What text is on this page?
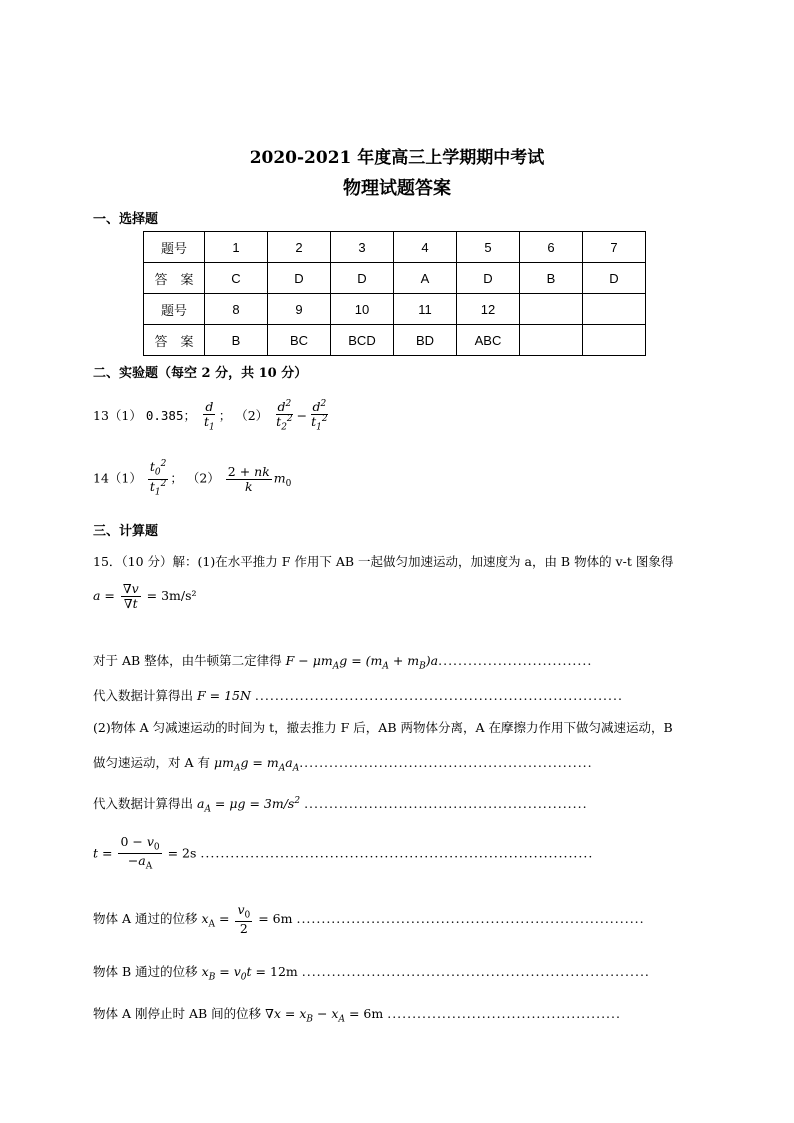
2020-2021 年度高三上学期期中考试
物理试题答案
一、选择题
题号	1	2	3	4	5	6	7
答　案	C	D	D	A	D	B	D
题号	8	9	10	11	12		
答　案	B	BC	BCD	BD	ABC		
二、实验题（每空 2 分，共 10 分）
13（1） 0.385； $\frac{d}{t_1}$ ； $(2) \frac{d^2}{t_2^2} - \frac{d^2}{t_1^2}$
$14(1) \frac{t_0^2}{t_1^2}$ ； $(2) \frac{2 + nk}{k} m_0$
三、计算题
15．（10 分）解：(1)在水平推力 F 作用下 AB 一起做匀加速运动，加速度为 a，由 B 物体的 v-t 图象得
$a = \frac{\nabla v}{\nabla t} = 3m/s^2$
对于 AB 整体，由牛顿第二定律得 $F - \mu m_Ag = (m_A + m_B)a$...............................
代入数据计算得出 F = 15N ..........................................................................
(2)物体 A 匀减速运动的时间为 t，撤去推力 F 后，AB 两物体分离，A 在摩擦力作用下做匀减速运动，B
做匀速运动，对 A 有 $\mu m_Ag = m_Aa_A$...........................................................
代入数据计算得出 $a_A = \mu g = 3m/s^2$ .........................................................
$t = \frac{0 - v_0}{-a_A} = 2s$ ...............................................................................
物体 A 通过的位移 $x_A = \frac{v_0}{2} = 6m$ ......................................................................
物体 B 通过的位移 $x_B = v_0t = 12m$ ......................................................................
物体 A 刚停止时 AB 间的位移 $\nabla x = x_B - x_A = 6m$ ...............................................
